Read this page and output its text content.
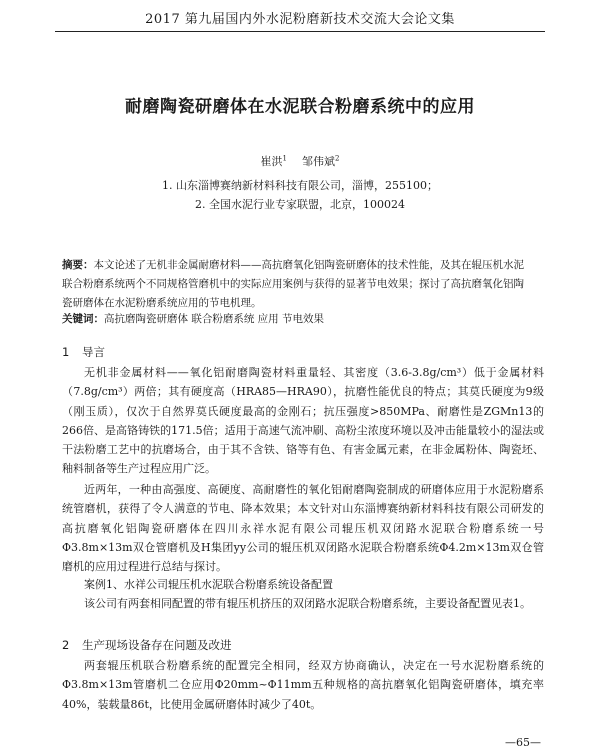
2017 第九届国内外水泥粉磨新技术交流大会论文集
耐磨陶瓷研磨体在水泥联合粉磨系统中的应用
崔洪$^1$ 邹伟斌$^2$
1. 山东淄博赛纳新材料科技有限公司，淄博，255100；
2. 全国水泥行业专家联盟，北京，100024
摘要：本文论述了无机非金属耐磨材料——高抗磨氧化铝陶瓷研磨体的技术性能，及其在辊压机水泥联合粉磨系统两个不同规格管磨机中的实际应用案例与获得的显著节电效果；探讨了高抗磨氧化铝陶瓷研磨体在水泥粉磨系统应用的节电机理。
关键词：高抗磨陶瓷研磨体 联合粉磨系统 应用 节电效果
1 导言
无机非金属材料——氧化铝耐磨陶瓷材料重量轻、其密度（3.6-3.8g/cm³）低于金属材料（7.8g/cm³）两倍；其有硬度高（HRA85—HRA90），抗磨性能优良的特点；其莫氏硬度为9级（刚玉质），仅次于自然界莫氏硬度最高的金刚石；抗压强度>850MPa、耐磨性是ZGMn13的266倍、是高铬铸铁的171.5倍；适用于高速气流冲刷、高粉尘浓度环境以及冲击能量较小的湿法或干法粉磨工艺中的抗磨场合，由于其不含铁、铬等有色、有害金属元素，在非金属粉体、陶瓷坯、釉料制备等生产过程应用广泛。
近两年，一种由高强度、高硬度、高耐磨性的氧化铝耐磨陶瓷制成的研磨体应用于水泥粉磨系统管磨机，获得了令人满意的节电、降本效果；本文针对山东淄博赛纳新材料科技有限公司研发的高抗磨氧化铝陶瓷研磨体在四川永祥水泥有限公司辊压机双闭路水泥联合粉磨系统一号Φ3.8m×13m双仓管磨机及H集团yy公司的辊压机双闭路水泥联合粉磨系统Φ4.2m×13m双仓管磨机的应用过程进行总结与探讨。
案例1、水祥公司辊压机水泥联合粉磨系统设备配置
该公司有两套相同配置的带有辊压机挤压的双闭路水泥联合粉磨系统，主要设备配置见表1。
2 生产现场设备存在问题及改进
两套辊压机联合粉磨系统的配置完全相同，经双方协商确认，决定在一号水泥粉磨系统的Φ3.8m×13m管磨机二仓应用Φ20mm~Φ11mm五种规格的高抗磨氧化铝陶瓷研磨体，填充率40%，装载量86t，比使用金属研磨体时减少了40t。
—65—
